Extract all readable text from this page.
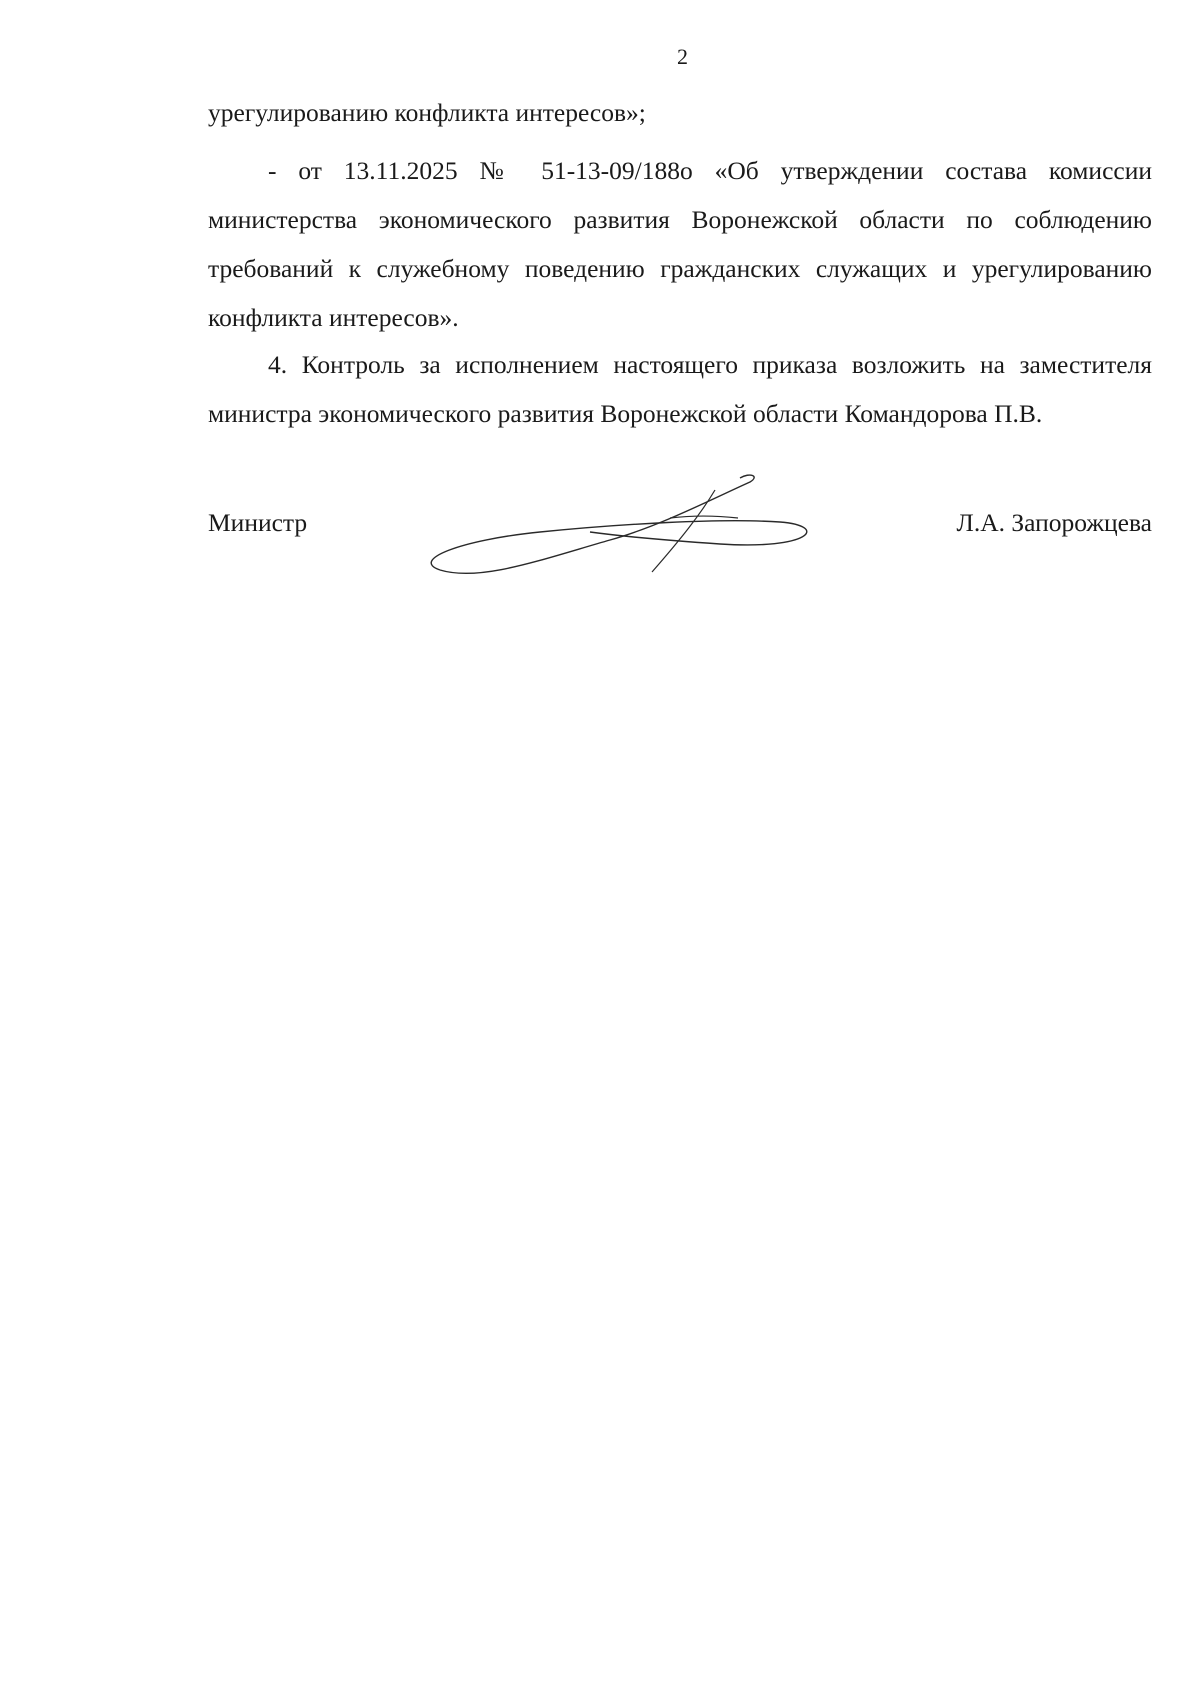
2
урегулированию конфликта интересов»;
- от 13.11.2025 № 51-13-09/188о «Об утверждении состава комиссии
министерства экономического развития Воронежской области по соблюдению
требований к служебному поведению гражданских служащих и урегулированию
конфликта интересов».
4. Контроль за исполнением настоящего приказа возложить на заместителя
министра экономического развития Воронежской области Командорова П.В.
Министр	Л.А. Запорожцева
